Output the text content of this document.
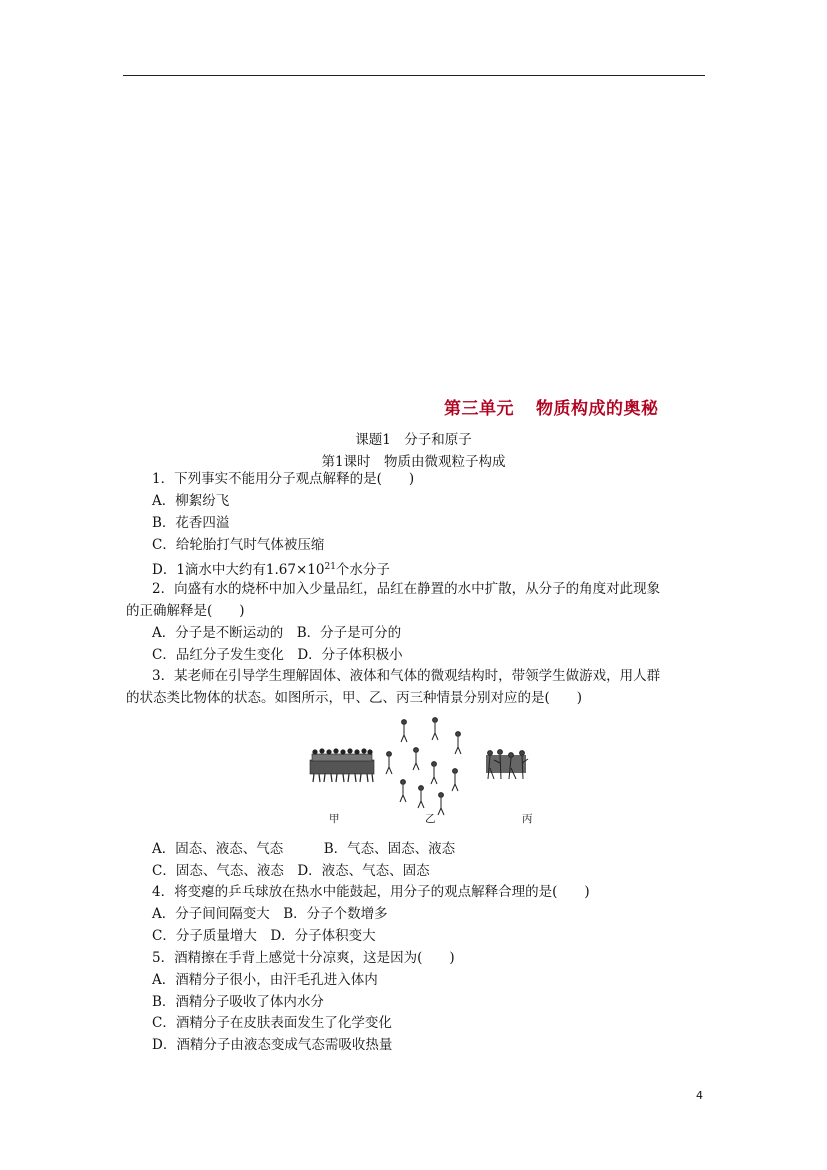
第三单元 物质构成的奥秘
课题1　分子和原子
第1课时　物质由微观粒子构成
1．下列事实不能用分子观点解释的是(　　)
A．柳絮纷飞
B．花香四溢
C．给轮胎打气时气体被压缩
D．1滴水中大约有$1.67\times 10^{21}$个水分子
2．向盛有水的烧杯中加入少量品红，品红在静置的水中扩散，从分子的角度对此现象
的正确解释是(　　)
A．分子是不断运动的　B．分子是可分的
C．品红分子发生变化　D．分子体积极小
3．某老师在引导学生理解固体、液体和气体的微观结构时，带领学生做游戏，用人群
的状态类比物体的状态。如图所示，甲、乙、丙三种情景分别对应的是(　　)
甲	乙	丙
A．固态、液态、气态　　　B．气态、固态、液态
C．固态、气态、液态　D．液态、气态、固态
4．将变瘪的乒乓球放在热水中能鼓起，用分子的观点解释合理的是(　　)
A．分子间间隔变大　B．分子个数增多
C．分子质量增大　D．分子体积变大
5．酒精擦在手背上感觉十分凉爽，这是因为(　　)
A．酒精分子很小，由汗毛孔进入体内
B．酒精分子吸收了体内水分
C．酒精分子在皮肤表面发生了化学变化
D．酒精分子由液态变成气态需吸收热量
4
